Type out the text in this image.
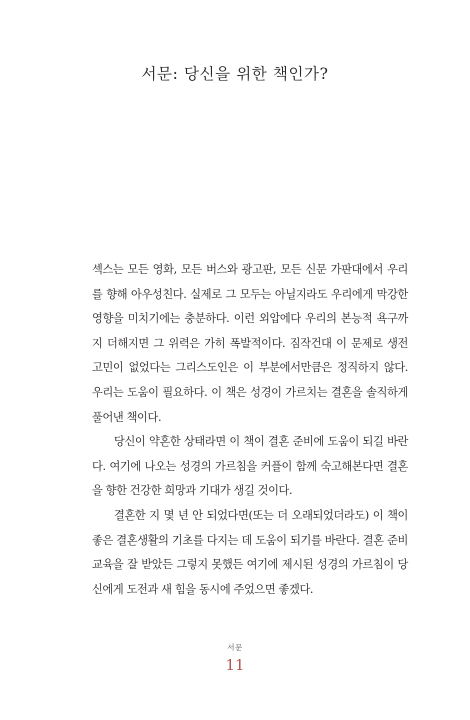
서문: 당신을 위한 책인가?

섹스는 모든 영화, 모든 버스와 광고판, 모든 신문 가판대에서 우리를 향해 아우성친다. 실제로 그 모두는 아닐지라도 우리에게 막강한 영향을 미치기에는 충분하다. 이런 외압에다 우리의 본능적 욕구까지 더해지면 그 위력은 가히 폭발적이다. 짐작건대 이 문제로 생전 고민이 없었다는 그리스도인은 이 부분에서만큼은 정직하지 않다. 우리는 도움이 필요하다. 이 책은 성경이 가르치는 결혼을 솔직하게 풀어낸 책이다.

당신이 약혼한 상태라면 이 책이 결혼 준비에 도움이 되길 바란다. 여기에 나오는 성경의 가르침을 커플이 함께 숙고해본다면 결혼을 향한 건강한 희망과 기대가 생길 것이다.

결혼한 지 몇 년 안 되었다면(또는 더 오래되었더라도) 이 책이 좋은 결혼생활의 기초를 다지는 데 도움이 되기를 바란다. 결혼 준비 교육을 잘 받았든 그렇지 못했든 여기에 제시된 성경의 가르침이 당신에게 도전과 새 힘을 동시에 주었으면 좋겠다.

서문
11
